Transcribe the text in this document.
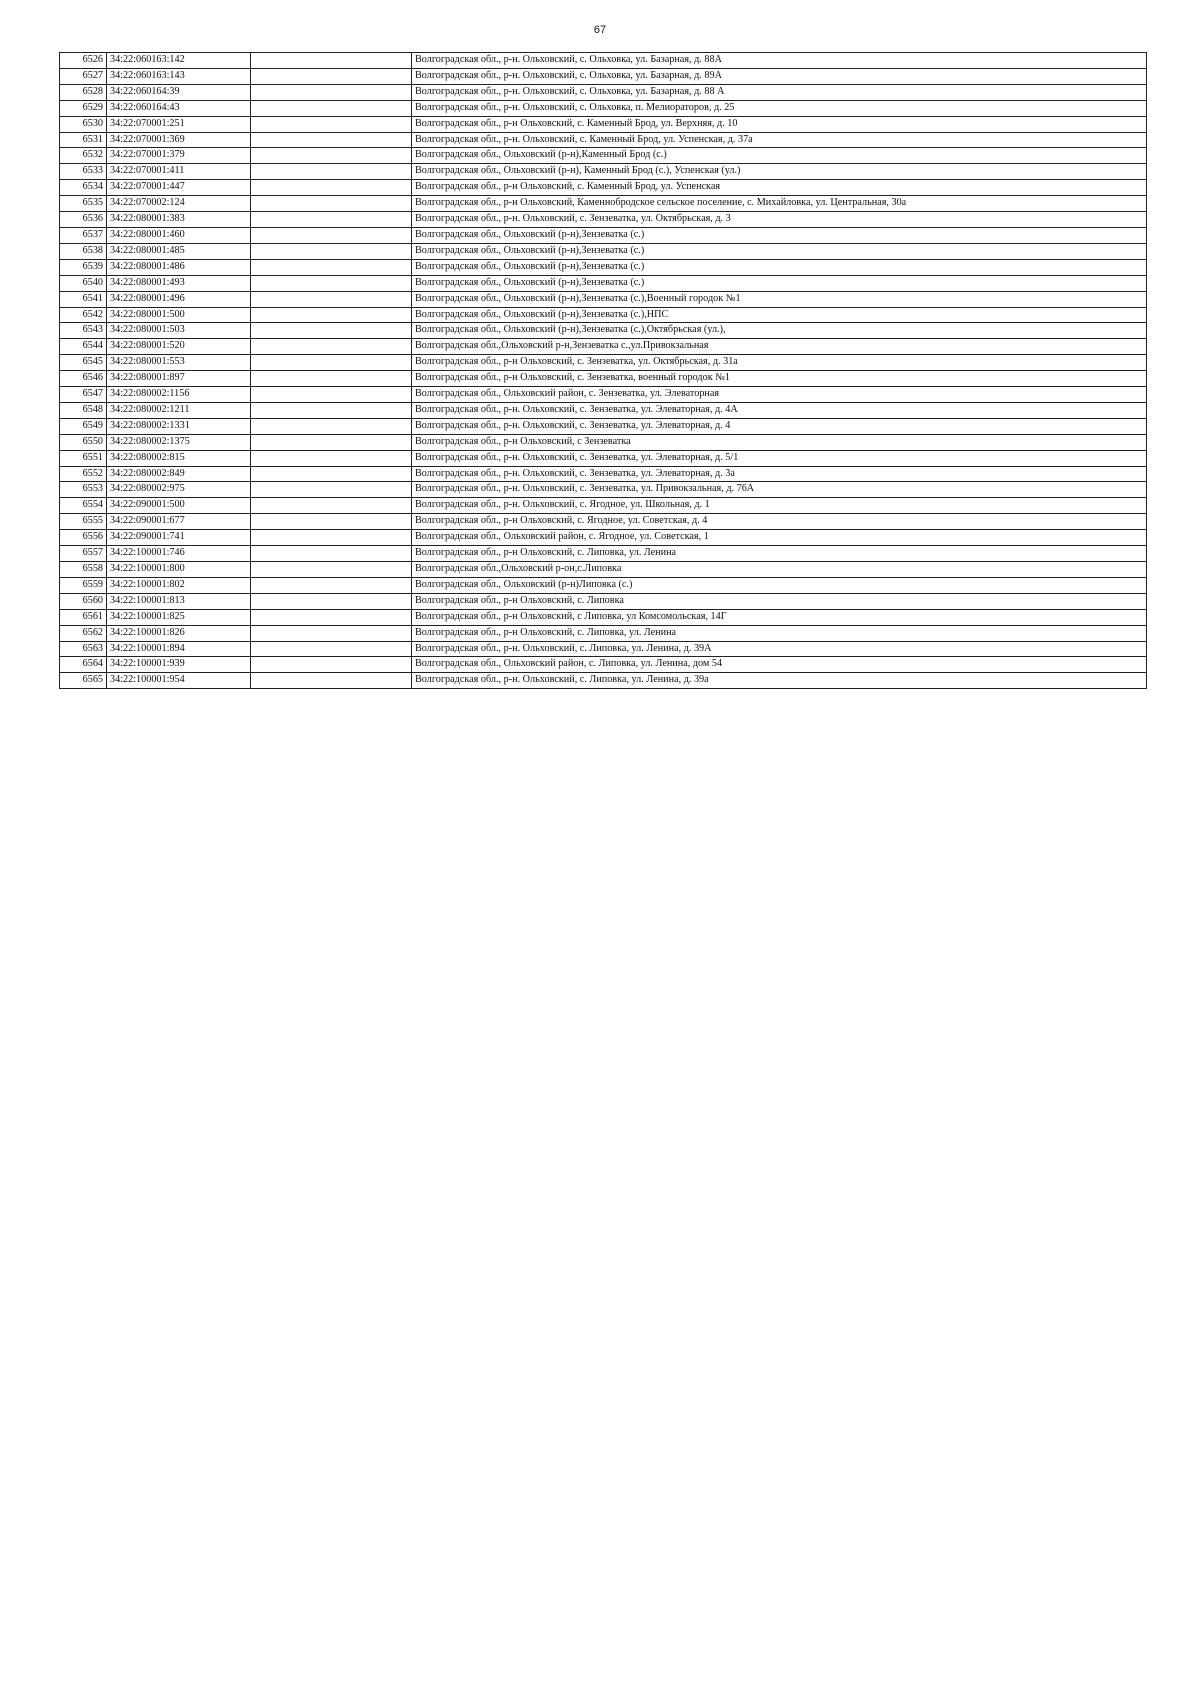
67
6526	34:22:060163:142		Волгоградская обл., р-н. Ольховский, с. Ольховка, ул. Базарная, д. 88А
6527	34:22:060163:143		Волгоградская обл., р-н. Ольховский, с. Ольховка, ул. Базарная, д. 89А
6528	34:22:060164:39		Волгоградская обл., р-н. Ольховский, с. Ольховка, ул. Базарная, д. 88 А
6529	34:22:060164:43		Волгоградская обл., р-н. Ольховский, с. Ольховка, п. Мелиораторов, д. 25
6530	34:22:070001:251		Волгоградская обл., р-н Ольховский, с. Каменный Брод, ул. Верхняя, д. 10
6531	34:22:070001:369		Волгоградская обл., р-н. Ольховский, с. Каменный Брод, ул. Успенская, д. 37а
6532	34:22:070001:379		Волгоградская обл., Ольховский (р-н),Каменный Брод (с.)
6533	34:22:070001:411		Волгоградская обл., Ольховский (р-н), Каменный Брод (с.), Успенская (ул.)
6534	34:22:070001:447		Волгоградская обл., р-н Ольховский, с. Каменный Брод, ул. Успенская
6535	34:22:070002:124		Волгоградская обл., р-н Ольховский, Каменнобродское сельское поселение, с. Михайловка, ул. Центральная, 30а
6536	34:22:080001:383		Волгоградская обл., р-н. Ольховский, с. Зензеватка, ул. Октябрьская, д. 3
6537	34:22:080001:460		Волгоградская обл., Ольховский (р-н),Зензеватка (с.)
6538	34:22:080001:485		Волгоградская обл., Ольховский (р-н),Зензеватка (с.)
6539	34:22:080001:486		Волгоградская обл., Ольховский (р-н),Зензеватка (с.)
6540	34:22:080001:493		Волгоградская обл., Ольховский (р-н),Зензеватка (с.)
6541	34:22:080001:496		Волгоградская обл., Ольховский (р-н),Зензеватка (с.),Военный городок №1
6542	34:22:080001:500		Волгоградская обл., Ольховский (р-н),Зензеватка (с.),НПС
6543	34:22:080001:503		Волгоградская обл., Ольховский (р-н),Зензеватка (с.),Октябрьская (ул.),
6544	34:22:080001:520		Волгоградская обл.,Ольховский р-н,Зензеватка с.,ул.Привокзальная
6545	34:22:080001:553		Волгоградская обл., р-н Ольховский, с. Зензеватка, ул. Октябрьская, д. 31а
6546	34:22:080001:897		Волгоградская обл., р-н Ольховский, с. Зензеватка, военный городок №1
6547	34:22:080002:1156		Волгоградская обл., Ольховский район, с. Зензеватка, ул. Элеваторная
6548	34:22:080002:1211		Волгоградская обл., р-н. Ольховский, с. Зензеватка, ул. Элеваторная, д. 4А
6549	34:22:080002:1331		Волгоградская обл., р-н. Ольховский, с. Зензеватка, ул. Элеваторная, д. 4
6550	34:22:080002:1375		Волгоградская обл., р-н Ольховский, с Зензеватка
6551	34:22:080002:815		Волгоградская обл., р-н. Ольховский, с. Зензеватка, ул. Элеваторная, д. 5/1
6552	34:22:080002:849		Волгоградская обл., р-н. Ольховский, с. Зензеватка, ул. Элеваторная, д. 3а
6553	34:22:080002:975		Волгоградская обл., р-н. Ольховский, с. Зензеватка, ул. Привокзальная, д. 76А
6554	34:22:090001:500		Волгоградская обл., р-н. Ольховский, с. Ягодное, ул. Школьная, д. 1
6555	34:22:090001:677		Волгоградская обл., р-н Ольховский, с. Ягодное, ул. Советская, д. 4
6556	34:22:090001:741		Волгоградская обл., Ольховский район, с. Ягодное, ул. Советская, 1
6557	34:22:100001:746		Волгоградская обл., р-н Ольховский, с. Липовка, ул. Ленина
6558	34:22:100001:800		Волгоградская обл.,Ольховский р-он,с.Липовка
6559	34:22:100001:802		Волгоградская обл., Ольховский (р-н)Липовка (с.)
6560	34:22:100001:813		Волгоградская обл., р-н Ольховский, с. Липовка
6561	34:22:100001:825		Волгоградская обл., р-н Ольховский, с Липовка, ул Комсомольская, 14Г
6562	34:22:100001:826		Волгоградская обл., р-н Ольховский, с. Липовка, ул. Ленина
6563	34:22:100001:894		Волгоградская обл., р-н. Ольховский, с. Липовка, ул. Ленина, д. 39А
6564	34:22:100001:939		Волгоградская обл., Ольховский район, с. Липовка, ул. Ленина, дом 54
6565	34:22:100001:954		Волгоградская обл., р-н. Ольховский, с. Липовка, ул. Ленина, д. 39а
